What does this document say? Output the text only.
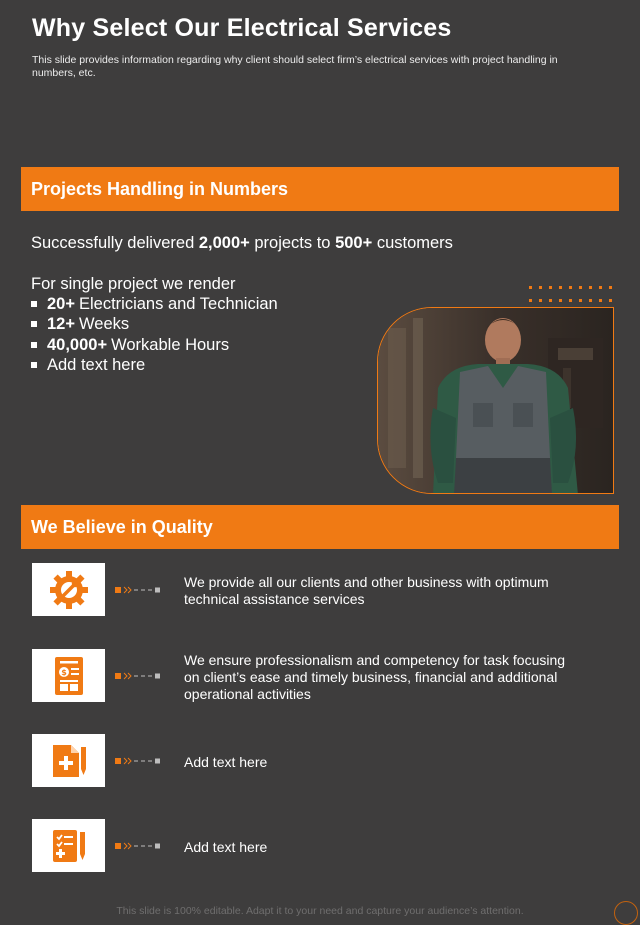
Why Select Our Electrical Services
This slide provides information regarding why client should select firm’s electrical services with project handling in numbers, etc.
Projects Handling in Numbers
Successfully delivered 2,000+ projects to 500+ customers
For single project we render
20+ Electricians and Technician
12+ Weeks
40,000+ Workable Hours
Add text here
We Believe in Quality
We provide all our clients and other business with optimum technical assistance services
$
We ensure professionalism and competency for task focusing on client’s ease and timely business, financial and additional operational activities
Add text here
Add text here
This slide is 100% editable. Adapt it to your need and capture your audience’s attention.
